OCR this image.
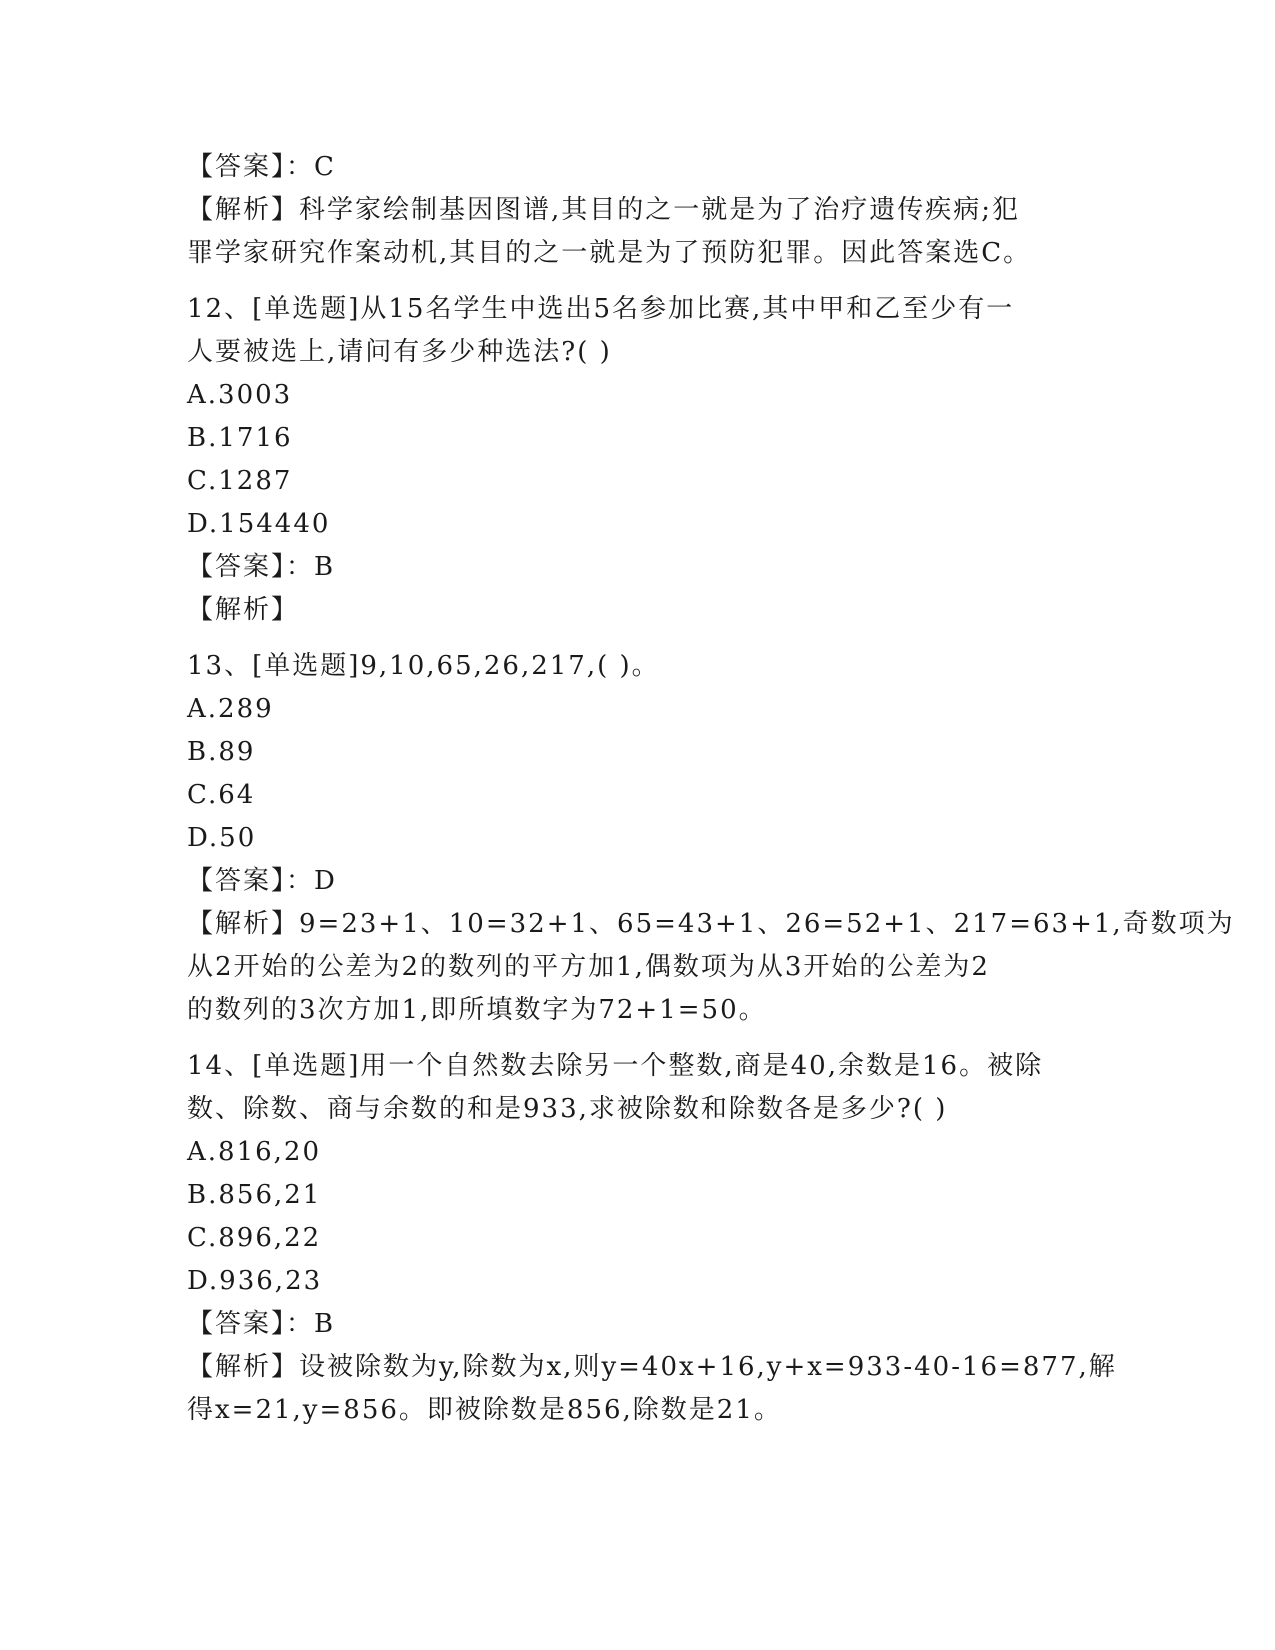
【答案】：C
【解析】科学家绘制基因图谱,其目的之一就是为了治疗遗传疾病;犯
罪学家研究作案动机,其目的之一就是为了预防犯罪。因此答案选C。
12、[单选题]从15名学生中选出5名参加比赛,其中甲和乙至少有一
人要被选上,请问有多少种选法?( )
A.3003
B.1716
C.1287
D.154440
【答案】：B
【解析】
13、[单选题]9,10,65,26,217,( )。
A.289
B.89
C.64
D.50
【答案】：D
【解析】9=23+1、10=32+1、65=43+1、26=52+1、217=63+1,奇数项为
从2开始的公差为2的数列的平方加1,偶数项为从3开始的公差为2
的数列的3次方加1,即所填数字为72+1=50。
14、[单选题]用一个自然数去除另一个整数,商是40,余数是16。被除
数、除数、商与余数的和是933,求被除数和除数各是多少?( )
A.816,20
B.856,21
C.896,22
D.936,23
【答案】：B
【解析】设被除数为y,除数为x,则y=40x+16,y+x=933-40-16=877,解
得x=21,y=856。即被除数是856,除数是21。
